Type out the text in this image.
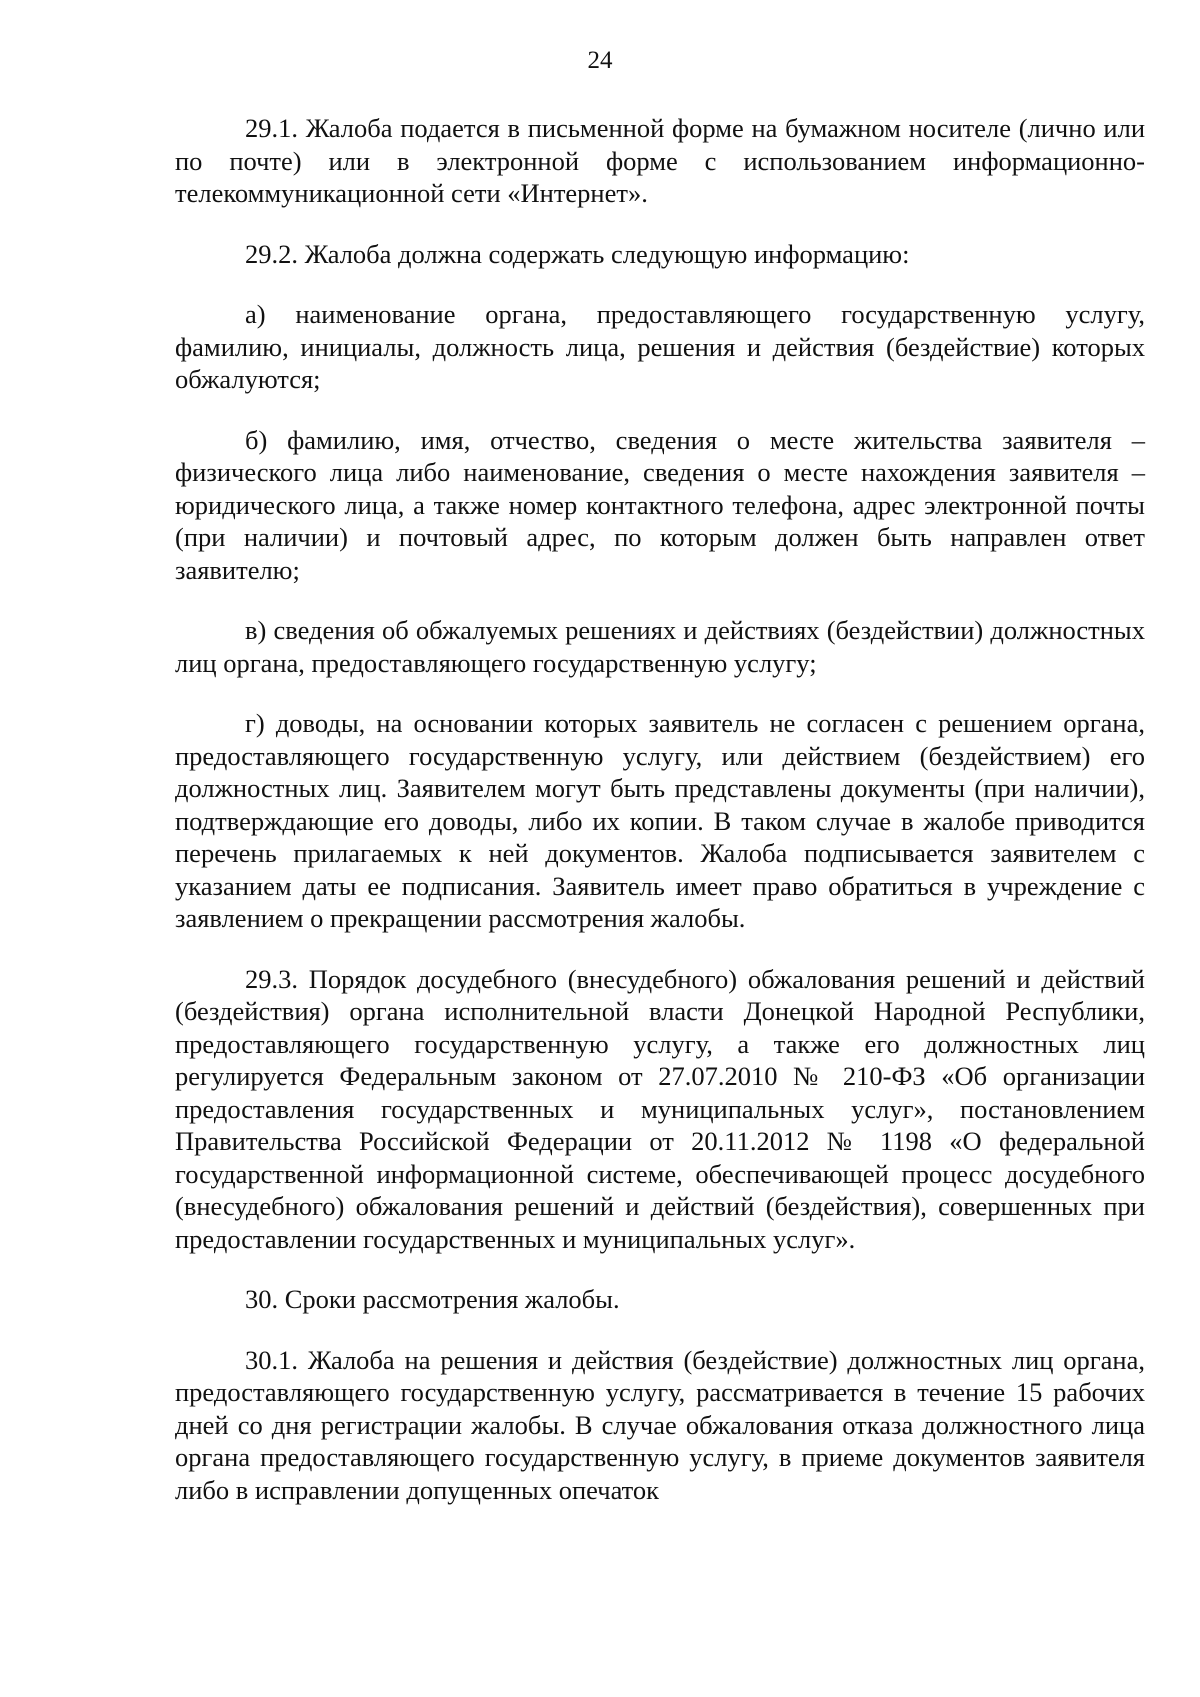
24

29.1. Жалоба подается в письменной форме на бумажном носителе (лично или по почте) или в электронной форме с использованием информационно-телекоммуникационной сети «Интернет».

29.2. Жалоба должна содержать следующую информацию:

а) наименование органа, предоставляющего государственную услугу, фамилию, инициалы, должность лица, решения и действия (бездействие) которых обжалуются;

б) фамилию, имя, отчество, сведения о месте жительства заявителя – физического лица либо наименование, сведения о месте нахождения заявителя – юридического лица, а также номер контактного телефона, адрес электронной почты (при наличии) и почтовый адрес, по которым должен быть направлен ответ заявителю;

в) сведения об обжалуемых решениях и действиях (бездействии) должностных лиц органа, предоставляющего государственную услугу;

г) доводы, на основании которых заявитель не согласен с решением органа, предоставляющего государственную услугу, или действием (бездействием) его должностных лиц. Заявителем могут быть представлены документы (при наличии), подтверждающие его доводы, либо их копии. В таком случае в жалобе приводится перечень прилагаемых к ней документов. Жалоба подписывается заявителем с указанием даты ее подписания. Заявитель имеет право обратиться в учреждение с заявлением о прекращении рассмотрения жалобы.

29.3. Порядок досудебного (внесудебного) обжалования решений и действий (бездействия) органа исполнительной власти Донецкой Народной Республики, предоставляющего государственную услугу, а также его должностных лиц регулируется Федеральным законом от 27.07.2010 № 210-ФЗ «Об организации предоставления государственных и муниципальных услуг», постановлением Правительства Российской Федерации от 20.11.2012 № 1198 «О федеральной государственной информационной системе, обеспечивающей процесс досудебного (внесудебного) обжалования решений и действий (бездействия), совершенных при предоставлении государственных и муниципальных услуг».

30. Сроки рассмотрения жалобы.

30.1. Жалоба на решения и действия (бездействие) должностных лиц органа, предоставляющего государственную услугу, рассматривается в течение 15 рабочих дней со дня регистрации жалобы. В случае обжалования отказа должностного лица органа предоставляющего государственную услугу, в приеме документов заявителя либо в исправлении допущенных опечаток
